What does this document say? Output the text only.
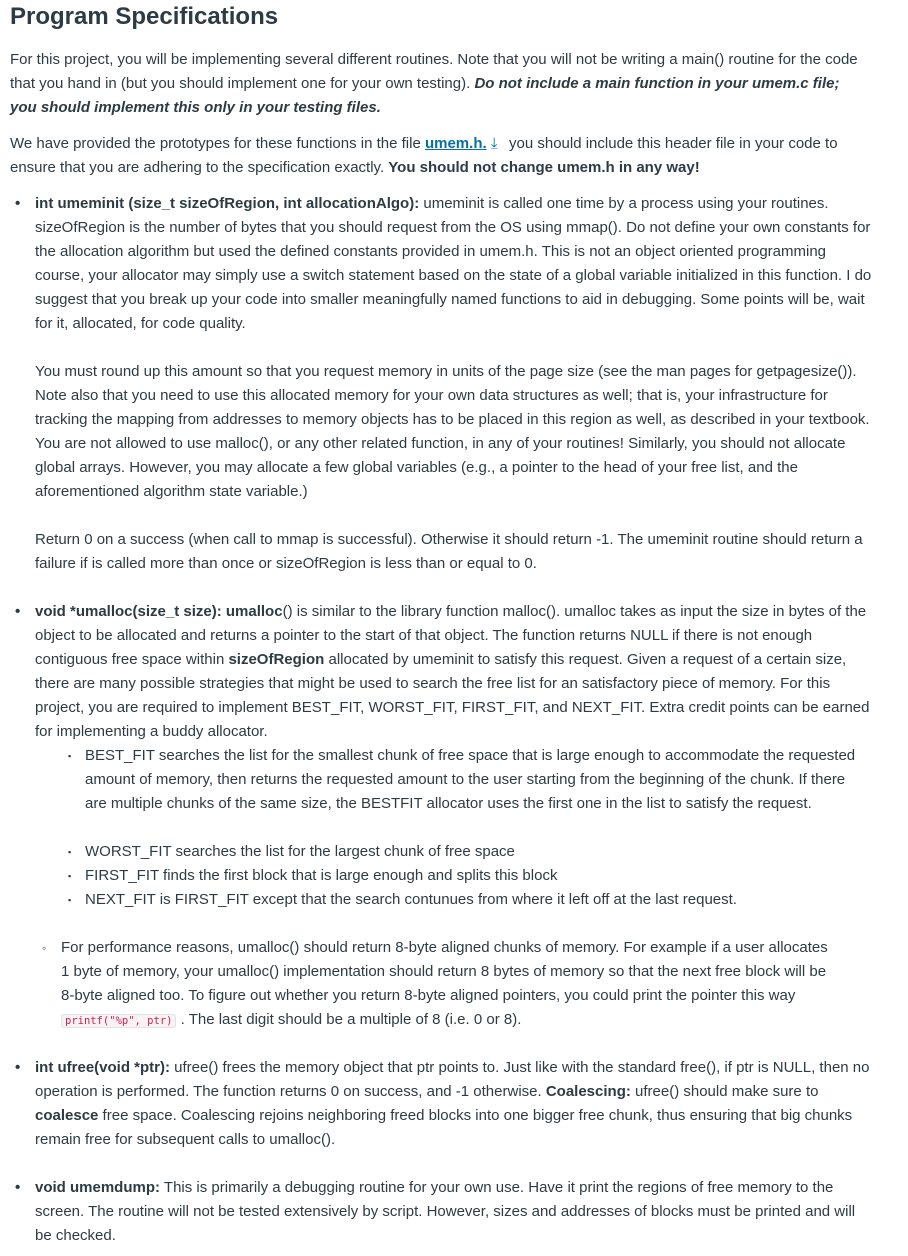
Program Specifications

For this project, you will be implementing several different routines. Note that you will not be writing a main() routine for the code that you hand in (but you should implement one for your own testing). Do not include a main function in your umem.c file; you should implement this only in your testing files.

We have provided the prototypes for these functions in the file umem.h. ⤓ you should include this header file in your code to ensure that you are adhering to the specification exactly. You should not change umem.h in any way!

• int umeminit (size_t sizeOfRegion, int allocationAlgo): umeminit is called one time by a process using your routines. sizeOfRegion is the number of bytes that you should request from the OS using mmap(). Do not define your own constants for the allocation algorithm but used the defined constants provided in umem.h. This is not an object oriented programming course, your allocator may simply use a switch statement based on the state of a global variable initialized in this function. I do suggest that you break up your code into smaller meaningfully named functions to aid in debugging. Some points will be, wait for it, allocated, for code quality.

You must round up this amount so that you request memory in units of the page size (see the man pages for getpagesize()). Note also that you need to use this allocated memory for your own data structures as well; that is, your infrastructure for tracking the mapping from addresses to memory objects has to be placed in this region as well, as described in your textbook. You are not allowed to use malloc(), or any other related function, in any of your routines! Similarly, you should not allocate global arrays. However, you may allocate a few global variables (e.g., a pointer to the head of your free list, and the aforementioned algorithm state variable.)

Return 0 on a success (when call to mmap is successful). Otherwise it should return -1. The umeminit routine should return a failure if is called more than once or sizeOfRegion is less than or equal to 0.

• void *umalloc(size_t size): umalloc() is similar to the library function malloc(). umalloc takes as input the size in bytes of the object to be allocated and returns a pointer to the start of that object. The function returns NULL if there is not enough contiguous free space within sizeOfRegion allocated by umeminit to satisfy this request. Given a request of a certain size, there are many possible strategies that might be used to search the free list for an satisfactory piece of memory. For this project, you are required to implement BEST_FIT, WORST_FIT, FIRST_FIT, and NEXT_FIT. Extra credit points can be earned for implementing a buddy allocator.

▪ BEST_FIT searches the list for the smallest chunk of free space that is large enough to accommodate the requested amount of memory, then returns the requested amount to the user starting from the beginning of the chunk. If there are multiple chunks of the same size, the BESTFIT allocator uses the first one in the list to satisfy the request.
▪ WORST_FIT searches the list for the largest chunk of free space
▪ FIRST_FIT finds the first block that is large enough and splits this block
▪ NEXT_FIT is FIRST_FIT except that the search contunues from where it left off at the last request.
◦ For performance reasons, umalloc() should return 8-byte aligned chunks of memory. For example if a user allocates 1 byte of memory, your umalloc() implementation should return 8 bytes of memory so that the next free block will be 8-byte aligned too. To figure out whether you return 8-byte aligned pointers, you could print the pointer this way printf("%p", ptr) . The last digit should be a multiple of 8 (i.e. 0 or 8).

• int ufree(void *ptr): ufree() frees the memory object that ptr points to. Just like with the standard free(), if ptr is NULL, then no operation is performed. The function returns 0 on success, and -1 otherwise. Coalescing: ufree() should make sure to coalesce free space. Coalescing rejoins neighboring freed blocks into one bigger free chunk, thus ensuring that big chunks remain free for subsequent calls to umalloc().

• void umemdump: This is primarily a debugging routine for your own use. Have it print the regions of free memory to the screen. The routine will not be tested extensively by script. However, sizes and addresses of blocks must be printed and will be checked.
